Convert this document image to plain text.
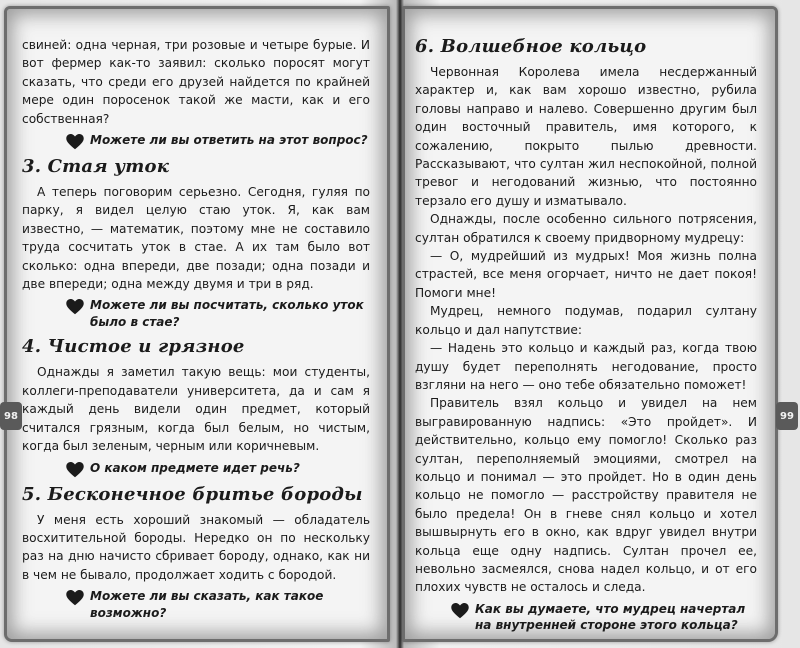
98	99

свиней: одна черная, три розовые и четыре бурые. И вот фермер как-то заявил: сколько поросят могут сказать, что среди его друзей найдется по крайней мере один поросенок такой же масти, как и его собственная?

Можете ли вы ответить на этот вопрос?
3. Стая уток

А теперь поговорим серьезно. Сегодня, гуляя по парку, я видел целую стаю уток. Я, как вам известно, — математик, поэтому мне не составило труда сосчитать уток в стае. А их там было вот сколько: одна впереди, две позади; одна позади и две впереди; одна между двумя и три в ряд.

Можете ли вы посчитать, сколько уток было в стае?
4. Чистое и грязное

Однажды я заметил такую вещь: мои студенты, коллеги-преподаватели университета, да и сам я каждый день видели один предмет, который считался грязным, когда был белым, но чистым, когда был зеленым, черным или коричневым.

О каком предмете идет речь?
5. Бесконечное бритье бороды

У меня есть хороший знакомый — обладатель восхитительной бороды. Нередко он по нескольку раз на дню начисто сбривает бороду, однако, как ни в чем не бывало, продолжает ходить с бородой.

Можете ли вы сказать, как такое возможно?
6. Волшебное кольцо

Червонная Королева имела несдержанный характер и, как вам хорошо известно, рубила головы направо и налево. Совершенно другим был один восточный правитель, имя которого, к сожалению, покрыто пылью древности. Рассказывают, что султан жил неспокойной, полной тревог и негодований жизнью, что постоянно терзало его душу и изматывало.

Однажды, после особенно сильного потрясения, султан обратился к своему придворному мудрецу:

— О, мудрейший из мудрых! Моя жизнь полна страстей, все меня огорчает, ничто не дает покоя! Помоги мне!

Мудрец, немного подумав, подарил султану кольцо и дал напутствие:

— Надень это кольцо и каждый раз, когда твою душу будет переполнять негодование, просто взгляни на него — оно тебе обязательно поможет!

Правитель взял кольцо и увидел на нем выгравированную надпись: «Это пройдет». И действительно, кольцо ему помогло! Сколько раз султан, переполняемый эмоциями, смотрел на кольцо и понимал — это пройдет. Но в один день кольцо не помогло — расстройству правителя не было предела! Он в гневе снял кольцо и хотел вышвырнуть его в окно, как вдруг увидел внутри кольца еще одну надпись. Султан прочел ее, невольно засмеялся, снова надел кольцо, и от его плохих чувств не осталось и следа.

Как вы думаете, что мудрец начертал на внутренней стороне этого кольца?
